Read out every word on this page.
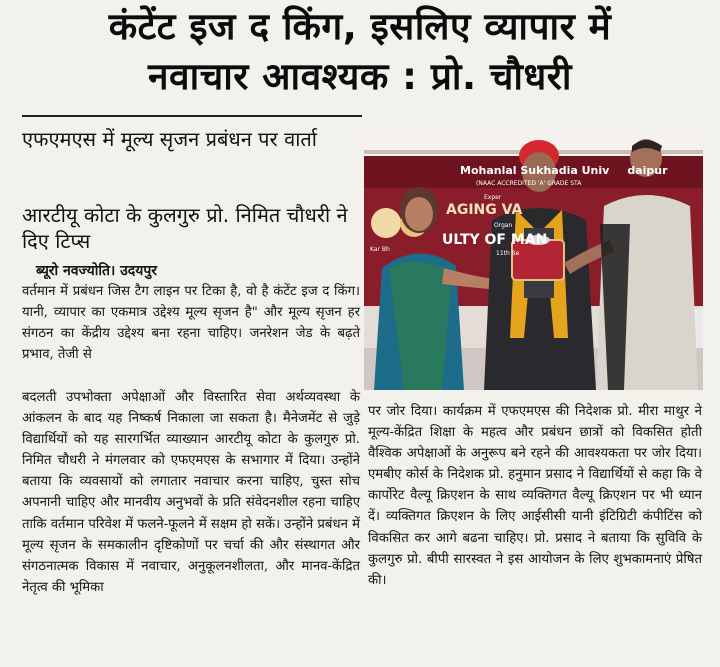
कंटेंट इज द किंग, इसलिए व्यापार में
नवाचार आवश्यक : प्रो. चौधरी
एफएमएस में मूल्य सृजन प्रबंधन पर वार्ता
आरटीयू कोटा के कुलगुरु प्रो. निमित चौधरी ने दिए टिप्स
ब्यूरो नवज्योति। उदयपुर
वर्तमान में प्रबंधन जिस टैग लाइन पर टिका है, वो है कंटेंट इज द किंग। यानी, व्यापार का एकमात्र उद्देश्य मूल्य सृजन है" और मूल्य सृजन हर संगठन का केंद्रीय उद्देश्य बना रहना चाहिए। जनरेशन जेड के बढ़ते प्रभाव, तेजी से
बदलती उपभोक्ता अपेक्षाओं और विस्तारित सेवा अर्थव्यवस्था के आंकलन के बाद यह निष्कर्ष निकाला जा सकता है। मैनेजमेंट से जुड़े विद्यार्थियों को यह सारगर्भित व्याख्यान आरटीयू कोटा के कुलगुरु प्रो. निमित चौधरी ने मंगलवार को एफएमएस के सभागार में दिया। उन्होंने बताया कि व्यवसायों को लगातार नवाचार करना चाहिए, चुस्त सोच अपनानी चाहिए और मानवीय अनुभवों के प्रति संवेदनशील रहना चाहिए ताकि वर्तमान परिवेश में फलने-फूलने में सक्षम हो सकें। उन्होंने प्रबंधन में मूल्य सृजन के समकालीन दृष्टिकोणों पर चर्चा की और संस्थागत और संगठनात्मक विकास में नवाचार, अनुकूलनशीलता, और मानव-केंद्रित नेतृत्व की भूमिका
पर जोर दिया। कार्यक्रम में एफएमएस की निदेशक प्रो. मीरा माथुर ने मूल्य-केंद्रित शिक्षा के महत्व और प्रबंधन छात्रों को विकसित होती वैश्विक अपेक्षाओं के अनुरूप बने रहने की आवश्यकता पर जोर दिया। एमबीए कोर्स के निदेशक प्रो. हनुमान प्रसाद ने विद्यार्थियों से कहा कि वे कार्पोरेट वैल्यू क्रिएशन के साथ व्यक्तिगत वैल्यू क्रिएशन पर भी ध्यान दें। व्यक्तिगत क्रिएशन के लिए आईसीसी यानी इंटिग्रिटी कंपीटिंस को विकसित कर आगे बढना चाहिए। प्रो. प्रसाद ने बताया कि सुविवि के कुलगुरु प्रो. बीपी सारस्वत ने इस आयोजन के लिए शुभकामनाएं प्रेषित की।
Mohanlal Sukhadia Univ daipur
(NAAC ACCREDITED 'A' GRADE STA
Exper
AGING VA
Organ
ULTY OF MAN
11th Se
Kar Bh
